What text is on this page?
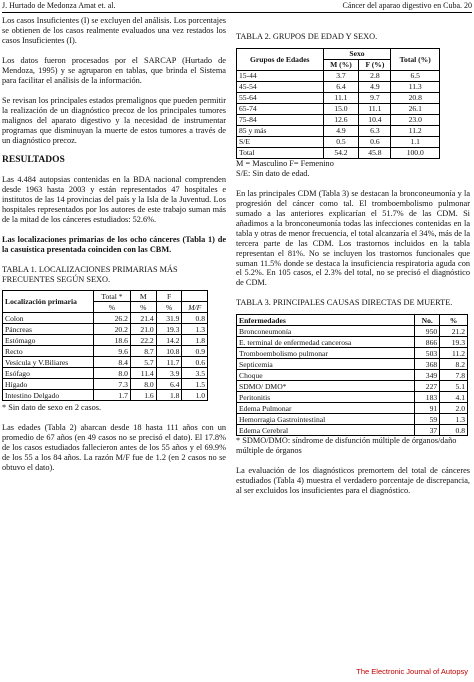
J. Hurtado de Medonza Amat et. al.	Cáncer del aparao digestivo en Cuba. 20

Los casos Insuficientes (I) se excluyen del análisis. Los porcentajes se obtienen de los casos realmente evaluados una vez restados los casos Insuficientes (I).

Los datos fueron procesados por el SARCAP (Hurtado de Mendoza, 1995) y se agruparon en tablas, que brinda el Sistema para facilitar el análisis de la información.

Se revisan los principales estados premalignos que pueden permitir la realización de un diagnóstico precoz de los principales tumores malignos del aparato digestivo y la necesidad de instrumentar programas que disminuyan la muerte de estos tumores a través de un diagnóstico precoz.

RESULTADOS

Las 4.484 autopsias contenidas en la BDA nacional comprenden desde 1963 hasta 2003 y están representados 47 hospitales e institutos de las 14 provincias del país y la Isla de la Juventud. Los hospitales representados por los autores de este trabajo suman más de la mitad de los cánceres estudiados: 52.6%.

Las localizaciones primarias de los ocho cánceres (Tabla 1) de la casuística presentada coinciden con las CBM.

TABLA 1. LOCALIZACIONES PRIMARIAS MÁS FRECUENTES SEGÚN SEXO.
Localización primaria	Total *	M	F	
	%	%	%	M/F
Colon	26.2	21.4	31.9	0.8
Páncreas	20.2	21.0	19.3	1.3
Estómago	18.6	22.2	14.2	1.8
Recto	9.6	8.7	10.8	0.9
Vesícula y V.Biliares	8.4	5.7	11.7	0.6
Esófago	8.0	11.4	3.9	3.5
Hígado	7.3	8.0	6.4	1.5
Intestino Delgado	1.7	1.6	1.8	1.0
* Sin dato de sexo en 2 casos.

Las edades (Tabla 2) abarcan desde 18 hasta 111 años con un promedio de 67 años (en 49 casos no se precisó el dato). El 17.8% de los casos estudiados fallecieron antes de los 55 años y el 69.9% de los 55 a los 84 años. La razón M/F fue de 1.2 (en 2 casos no se obtuvo el dato).

TABLA 2. GRUPOS DE EDAD Y SEXO.
Grupos de Edades	Sexo		Total (%)
	M (%)	F (%)	
15-44	3.7	2.8	6.5
45-54	6.4	4.9	11.3
55-64	11.1	9.7	20.8
65-74	15.0	11.1	26.1
75-84	12.6	10.4	23.0
85 y más	4.9	6.3	11.2
S/E	0.5	0.6	1.1
Total	54.2	45.8	100.0
M = Masculino F= Femenino
S/E: Sin dato de edad.

En las principales CDM (Tabla 3) se destacan la bronconeumonía y la progresión del cáncer como tal. El tromboembolismo pulmonar sumado a las anteriores explicarían el 51.7% de las CDM. Si añadimos a la bronconeumonía todas las infecciones contenidas en la tabla y otras de menor frecuencia, el total alcanzaría el 34%, más de la tercera parte de las CDM. Los trastornos incluidos en la tabla representan el 81%. No se incluyen los trastornos funcionales que suman 11.5% donde se destaca la insuficiencia respiratoria aguda con el 5.2%. En 105 casos, el 2.3% del total, no se precisó el diagnóstico de CDM.

TABLA 3. PRINCIPALES CAUSAS DIRECTAS DE MUERTE.
Enfermedades	No.	%
Bronconeumonía	950	21.2
E. terminal de enfermedad cancerosa	866	19.3
Tromboembolismo pulmonar	503	11.2
Septicemia	368	8.2
Choque	349	7.8
SDMO/ DMO*	227	5.1
Peritonitis	183	4.1
Edema Pulmonar	91	2.0
Hemorragia Gastrointestinal	59	1.3
Edema Cerebral	37	0.8
* SDMO/DMO: síndrome de disfunción múltiple de órganos/daño múltiple de órganos

La evaluación de los diagnósticos premortem del total de cánceres estudiados (Tabla 4) muestra el verdadero porcentaje de discrepancia, al ser excluidos los insuficientes para el diagnóstico.

The Electronic Journal of Autopsy
